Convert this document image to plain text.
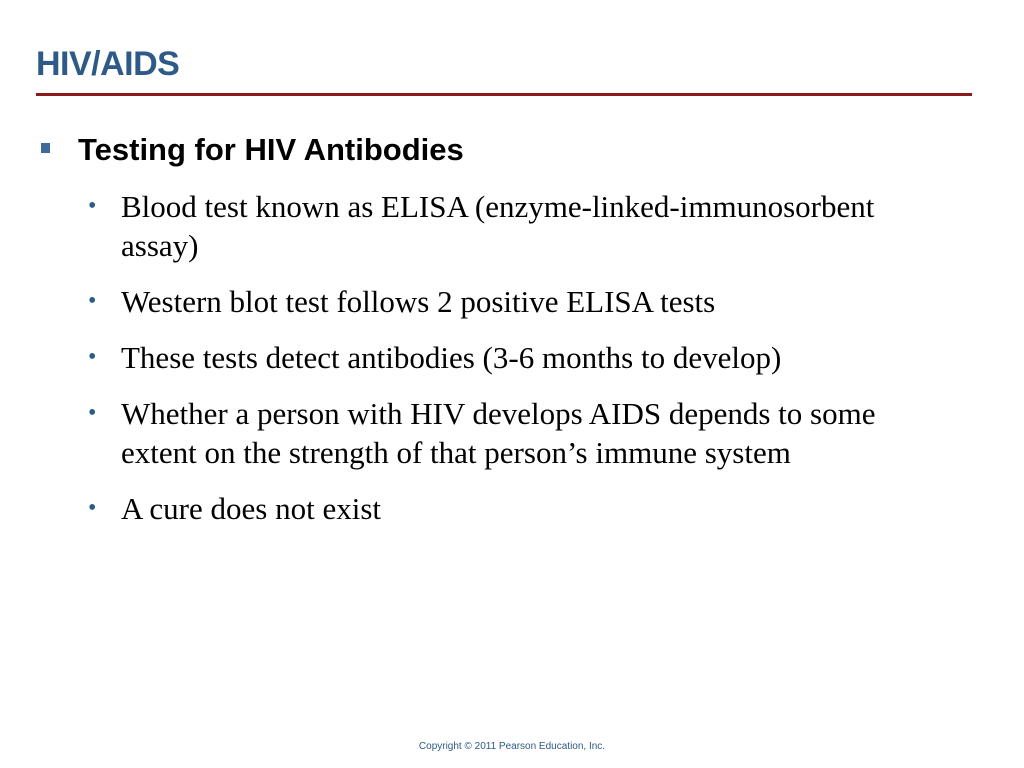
HIV/AIDS
Testing for HIV Antibodies
• Blood test known as ELISA (enzyme-linked-immunosorbent assay)
• Western blot test follows 2 positive ELISA tests
• These tests detect antibodies (3-6 months to develop)
• Whether a person with HIV develops AIDS depends to some extent on the strength of that person’s immune system
• A cure does not exist
Copyright © 2011 Pearson Education, Inc.
